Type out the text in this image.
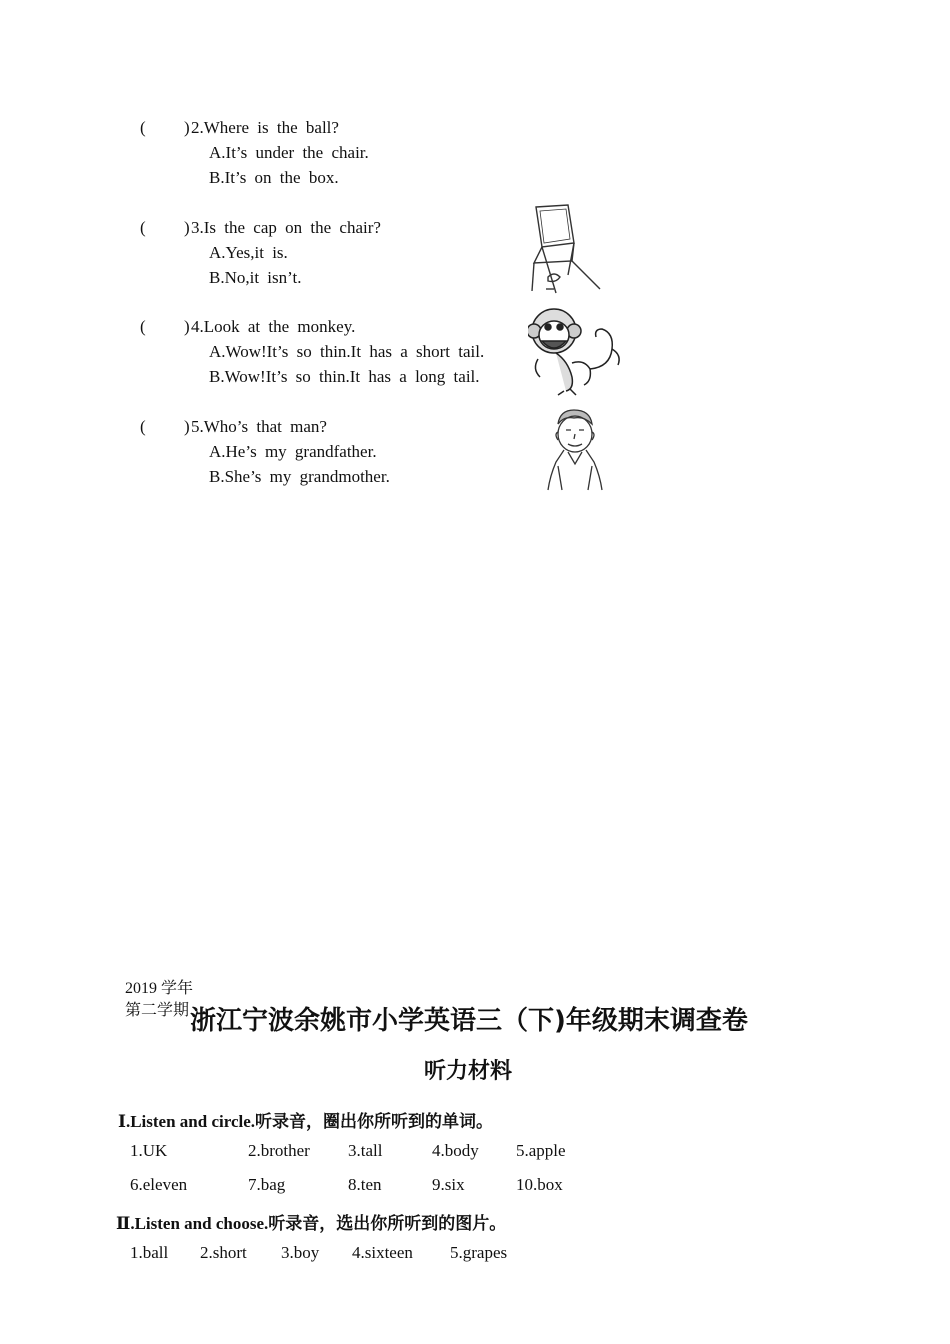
( ) 2.Where is the ball?
A.It’s under the chair.
B.It’s on the box.
( ) 3.Is the cap on the chair?
A.Yes,it is.
B.No,it isn’t.
( ) 4.Look at the monkey.
A.Wow!It’s so thin.It has a short tail.
B.Wow!It’s so thin.It has a long tail.
( ) 5.Who’s that man?
A.He’s my grandfather.
B.She’s my grandmother.
2019 学年
第二学期 浙江宁波余姚市小学英语三（下)年级期末调查卷
听力材料
Ⅰ.Listen and circle.听录音，圈出你所听到的单词。
1.UK	2.brother 3.tall	4.body 5.apple
6.eleven	7.bag	8.ten	9.six	10.box
Ⅱ.Listen and choose.听录音，选出你所听到的图片。
1.ball 2.short 3.boy 4.sixteen 5.grapes
